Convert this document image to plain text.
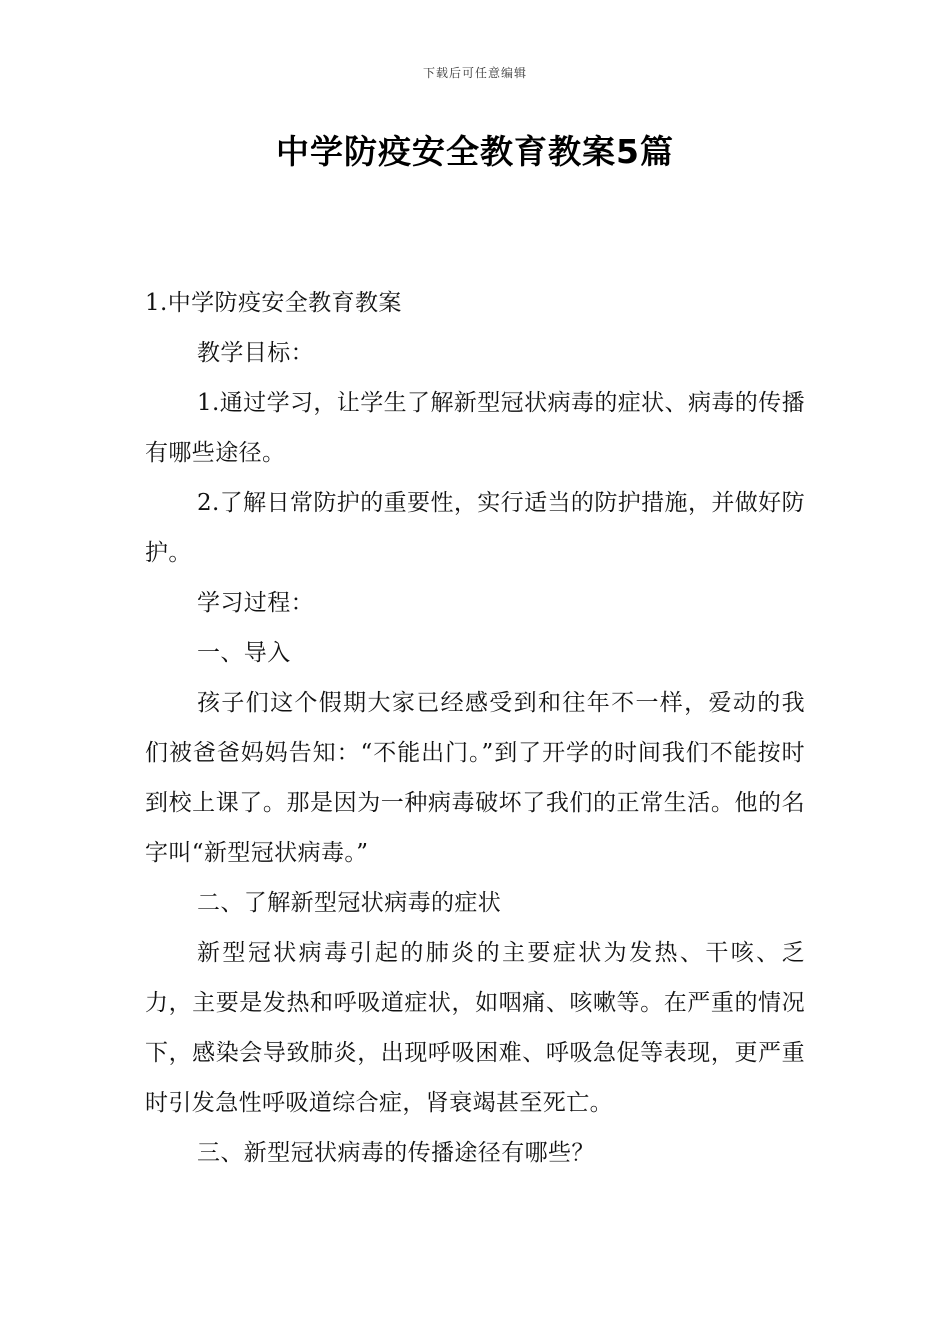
下载后可任意编辑
中学防疫安全教育教案5篇

1.中学防疫安全教育教案

教学目标：

1.通过学习，让学生了解新型冠状病毒的症状、病毒的传播有哪些途径。

2.了解日常防护的重要性，实行适当的防护措施，并做好防护。

学习过程：

一、导入

孩子们这个假期大家已经感受到和往年不一样，爱动的我们被爸爸妈妈告知：“不能出门。”到了开学的时间我们不能按时到校上课了。那是因为一种病毒破坏了我们的正常生活。他的名字叫“新型冠状病毒。”

二、了解新型冠状病毒的症状

新型冠状病毒引起的肺炎的主要症状为发热、干咳、乏力，主要是发热和呼吸道症状，如咽痛、咳嗽等。在严重的情况下，感染会导致肺炎，出现呼吸困难、呼吸急促等表现，更严重时引发急性呼吸道综合症，肾衰竭甚至死亡。

三、新型冠状病毒的传播途径有哪些？
